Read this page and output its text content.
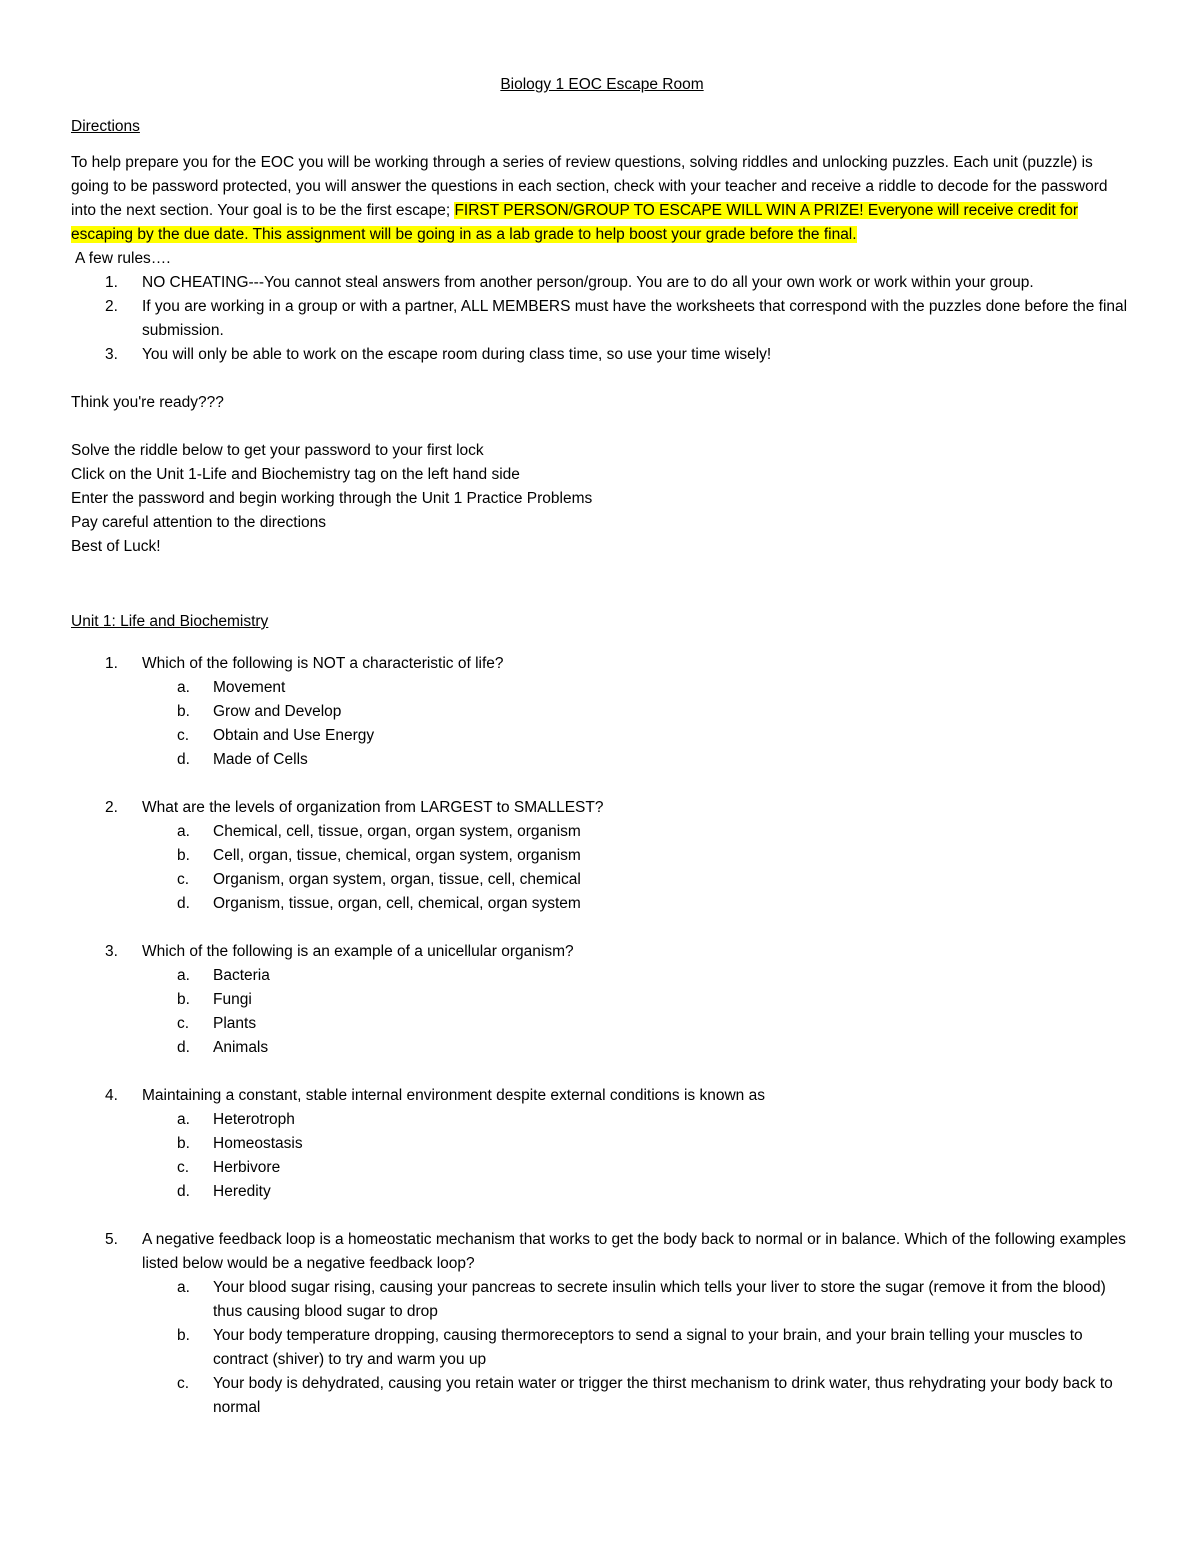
Biology 1 EOC Escape Room
Directions

To help prepare you for the EOC you will be working through a series of review questions, solving riddles and unlocking puzzles. Each unit (puzzle) is going to be password protected, you will answer the questions in each section, check with your teacher and receive a riddle to decode for the password into the next section. Your goal is to be the first escape; FIRST PERSON/GROUP TO ESCAPE WILL WIN A PRIZE! Everyone will receive credit for escaping by the due date. This assignment will be going in as a lab grade to help boost your grade before the final.

A few rules….
1. NO CHEATING---You cannot steal answers from another person/group. You are to do all your own work or work within your group.
2. If you are working in a group or with a partner, ALL MEMBERS must have the worksheets that correspond with the puzzles done before the final submission.
3. You will only be able to work on the escape room during class time, so use your time wisely!
Think you're ready???
Solve the riddle below to get your password to your first lock
Click on the Unit 1-Life and Biochemistry tag on the left hand side
Enter the password and begin working through the Unit 1 Practice Problems
Pay careful attention to the directions
Best of Luck!
Unit 1: Life and Biochemistry
1. Which of the following is NOT a characteristic of life?
a. Movement
b. Grow and Develop
c. Obtain and Use Energy
d. Made of Cells
2. What are the levels of organization from LARGEST to SMALLEST?
a. Chemical, cell, tissue, organ, organ system, organism
b. Cell, organ, tissue, chemical, organ system, organism
c. Organism, organ system, organ, tissue, cell, chemical
d. Organism, tissue, organ, cell, chemical, organ system
3. Which of the following is an example of a unicellular organism?
a. Bacteria
b. Fungi
c. Plants
d. Animals
4. Maintaining a constant, stable internal environment despite external conditions is known as
a. Heterotroph
b. Homeostasis
c. Herbivore
d. Heredity
5. A negative feedback loop is a homeostatic mechanism that works to get the body back to normal or in balance. Which of the following examples listed below would be a negative feedback loop?
a. Your blood sugar rising, causing your pancreas to secrete insulin which tells your liver to store the sugar (remove it from the blood) thus causing blood sugar to drop
b. Your body temperature dropping, causing thermoreceptors to send a signal to your brain, and your brain telling your muscles to contract (shiver) to try and warm you up
c. Your body is dehydrated, causing you retain water or trigger the thirst mechanism to drink water, thus rehydrating your body back to normal
